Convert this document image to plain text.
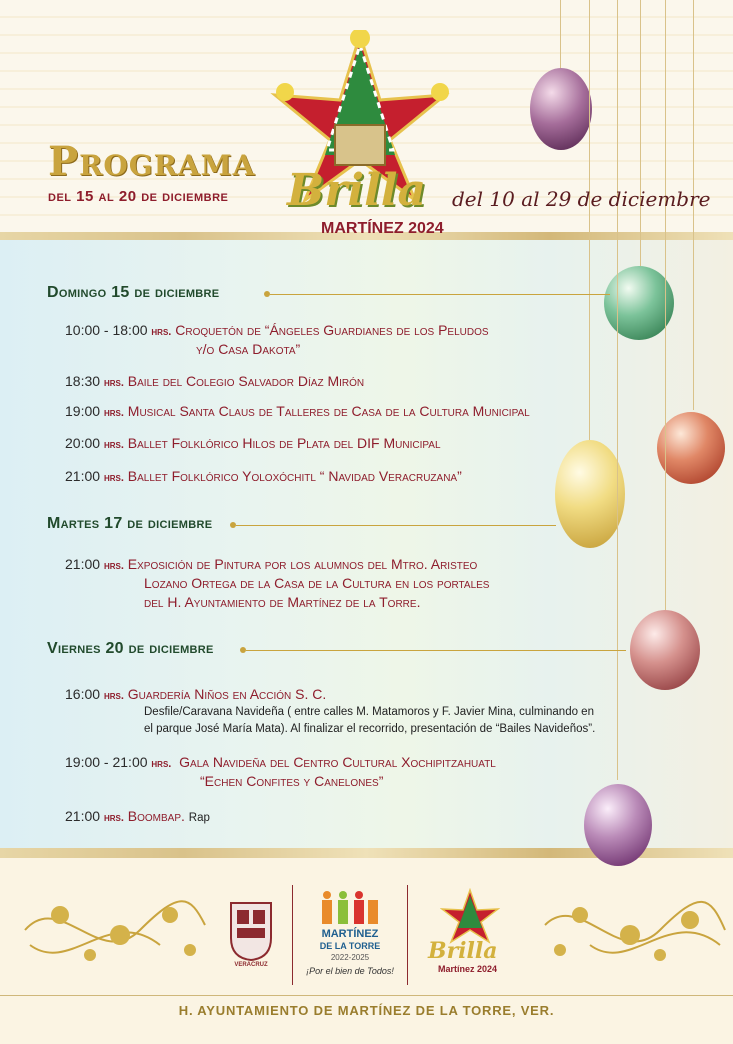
Programa
del 15 al 20 de diciembre Brilla
MARTÍNEZ 2024
del 10 al 29 de diciembre
Domingo 15 de diciembre
10:00 - 18:00 hrs. Croquetón de “Ángeles Guardianes de los Peludos
y/o Casa Dakota”
18:30 hrs. Baile del Colegio Salvador Díaz Mirón
19:00 hrs. Musical Santa Claus de Talleres de Casa de la Cultura Municipal
20:00 hrs. Ballet Folklórico Hilos de Plata del DIF Municipal
21:00 hrs. Ballet Folklórico Yoloxóchitl “ Navidad Veracruzana”
Martes 17 de diciembre
21:00 hrs. Exposición de Pintura por los alumnos del Mtro. Aristeo
Lozano Ortega de la Casa de la Cultura en los portales
del H. Ayuntamiento de Martínez de la Torre.
Viernes 20 de diciembre
16:00 hrs. Guardería Niños en Acción S. C.
Desfile/Caravana Navideña ( entre calles M. Matamoros y F. Javier Mina, culminando en
el parque José María Mata). Al finalizar el recorrido, presentación de “Bailes Navideños”.
19:00 - 21:00 hrs. Gala Navideña del Centro Cultural Xochipitzahuatl
“Echen Confites y Canelones”
21:00 hrs. Boombap. Rap
VERACRUZ
MARTÍNEZ
DE LA TORRE
2022-2025
¡Por el bien de Todos!
Brilla
Martínez 2024
H. AYUNTAMIENTO DE MARTÍNEZ DE LA TORRE, VER.
